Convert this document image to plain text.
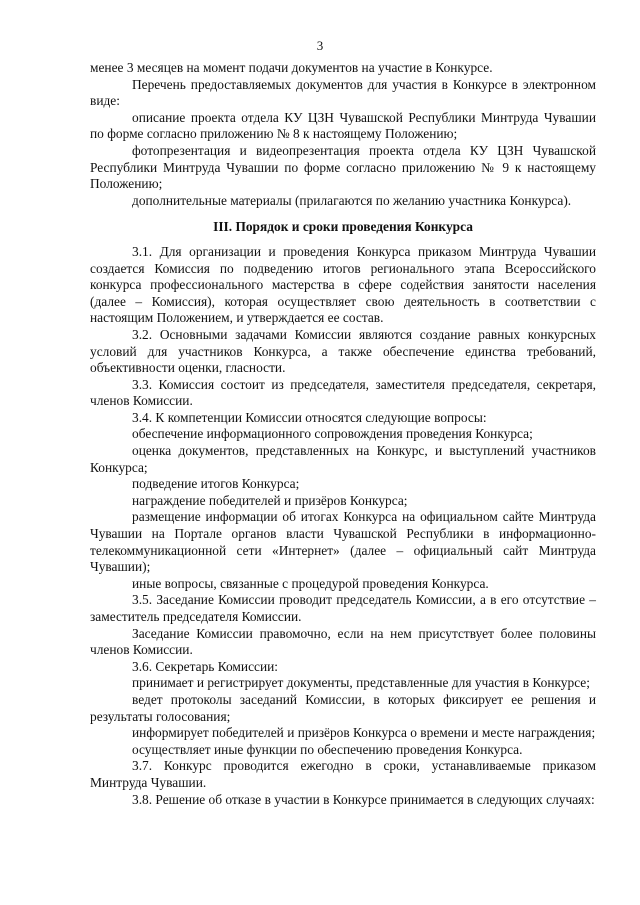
3

менее 3 месяцев на момент подачи документов на участие в Конкурсе.

Перечень предоставляемых документов для участия в Конкурсе в электронном виде:

описание проекта отдела КУ ЦЗН Чувашской Республики Минтруда Чувашии по форме согласно приложению № 8 к настоящему Положению;

фотопрезентация и видеопрезентация проекта отдела КУ ЦЗН Чувашской Республики Минтруда Чувашии по форме согласно приложению № 9 к настоящему Положению;

дополнительные материалы (прилагаются по желанию участника Конкурса).

III. Порядок и сроки проведения Конкурса

3.1. Для организации и проведения Конкурса приказом Минтруда Чувашии создается Комиссия по подведению итогов регионального этапа Всероссийского конкурса профессионального мастерства в сфере содействия занятости населения (далее – Комиссия), которая осуществляет свою деятельность в соответствии с настоящим Положением, и утверждается ее состав.

3.2. Основными задачами Комиссии являются создание равных конкурсных условий для участников Конкурса, а также обеспечение единства требований, объективности оценки, гласности.

3.3. Комиссия состоит из председателя, заместителя председателя, секретаря, членов Комиссии.

3.4. К компетенции Комиссии относятся следующие вопросы:

обеспечение информационного сопровождения проведения Конкурса;

оценка документов, представленных на Конкурс, и выступлений участников Конкурса;

подведение итогов Конкурса;

награждение победителей и призёров Конкурса;

размещение информации об итогах Конкурса на официальном сайте Минтруда Чувашии на Портале органов власти Чувашской Республики в информационно-телекоммуникационной сети «Интернет» (далее – официальный сайт Минтруда Чувашии);

иные вопросы, связанные с процедурой проведения Конкурса.

3.5. Заседание Комиссии проводит председатель Комиссии, а в его отсутствие – заместитель председателя Комиссии.

Заседание Комиссии правомочно, если на нем присутствует более половины членов Комиссии.

3.6. Секретарь Комиссии:

принимает и регистрирует документы, представленные для участия в Конкурсе;

ведет протоколы заседаний Комиссии, в которых фиксирует ее решения и результаты голосования;

информирует победителей и призёров Конкурса о времени и месте награждения;

осуществляет иные функции по обеспечению проведения Конкурса.

3.7. Конкурс проводится ежегодно в сроки, устанавливаемые приказом Минтруда Чувашии.

3.8. Решение об отказе в участии в Конкурсе принимается в следующих случаях:
